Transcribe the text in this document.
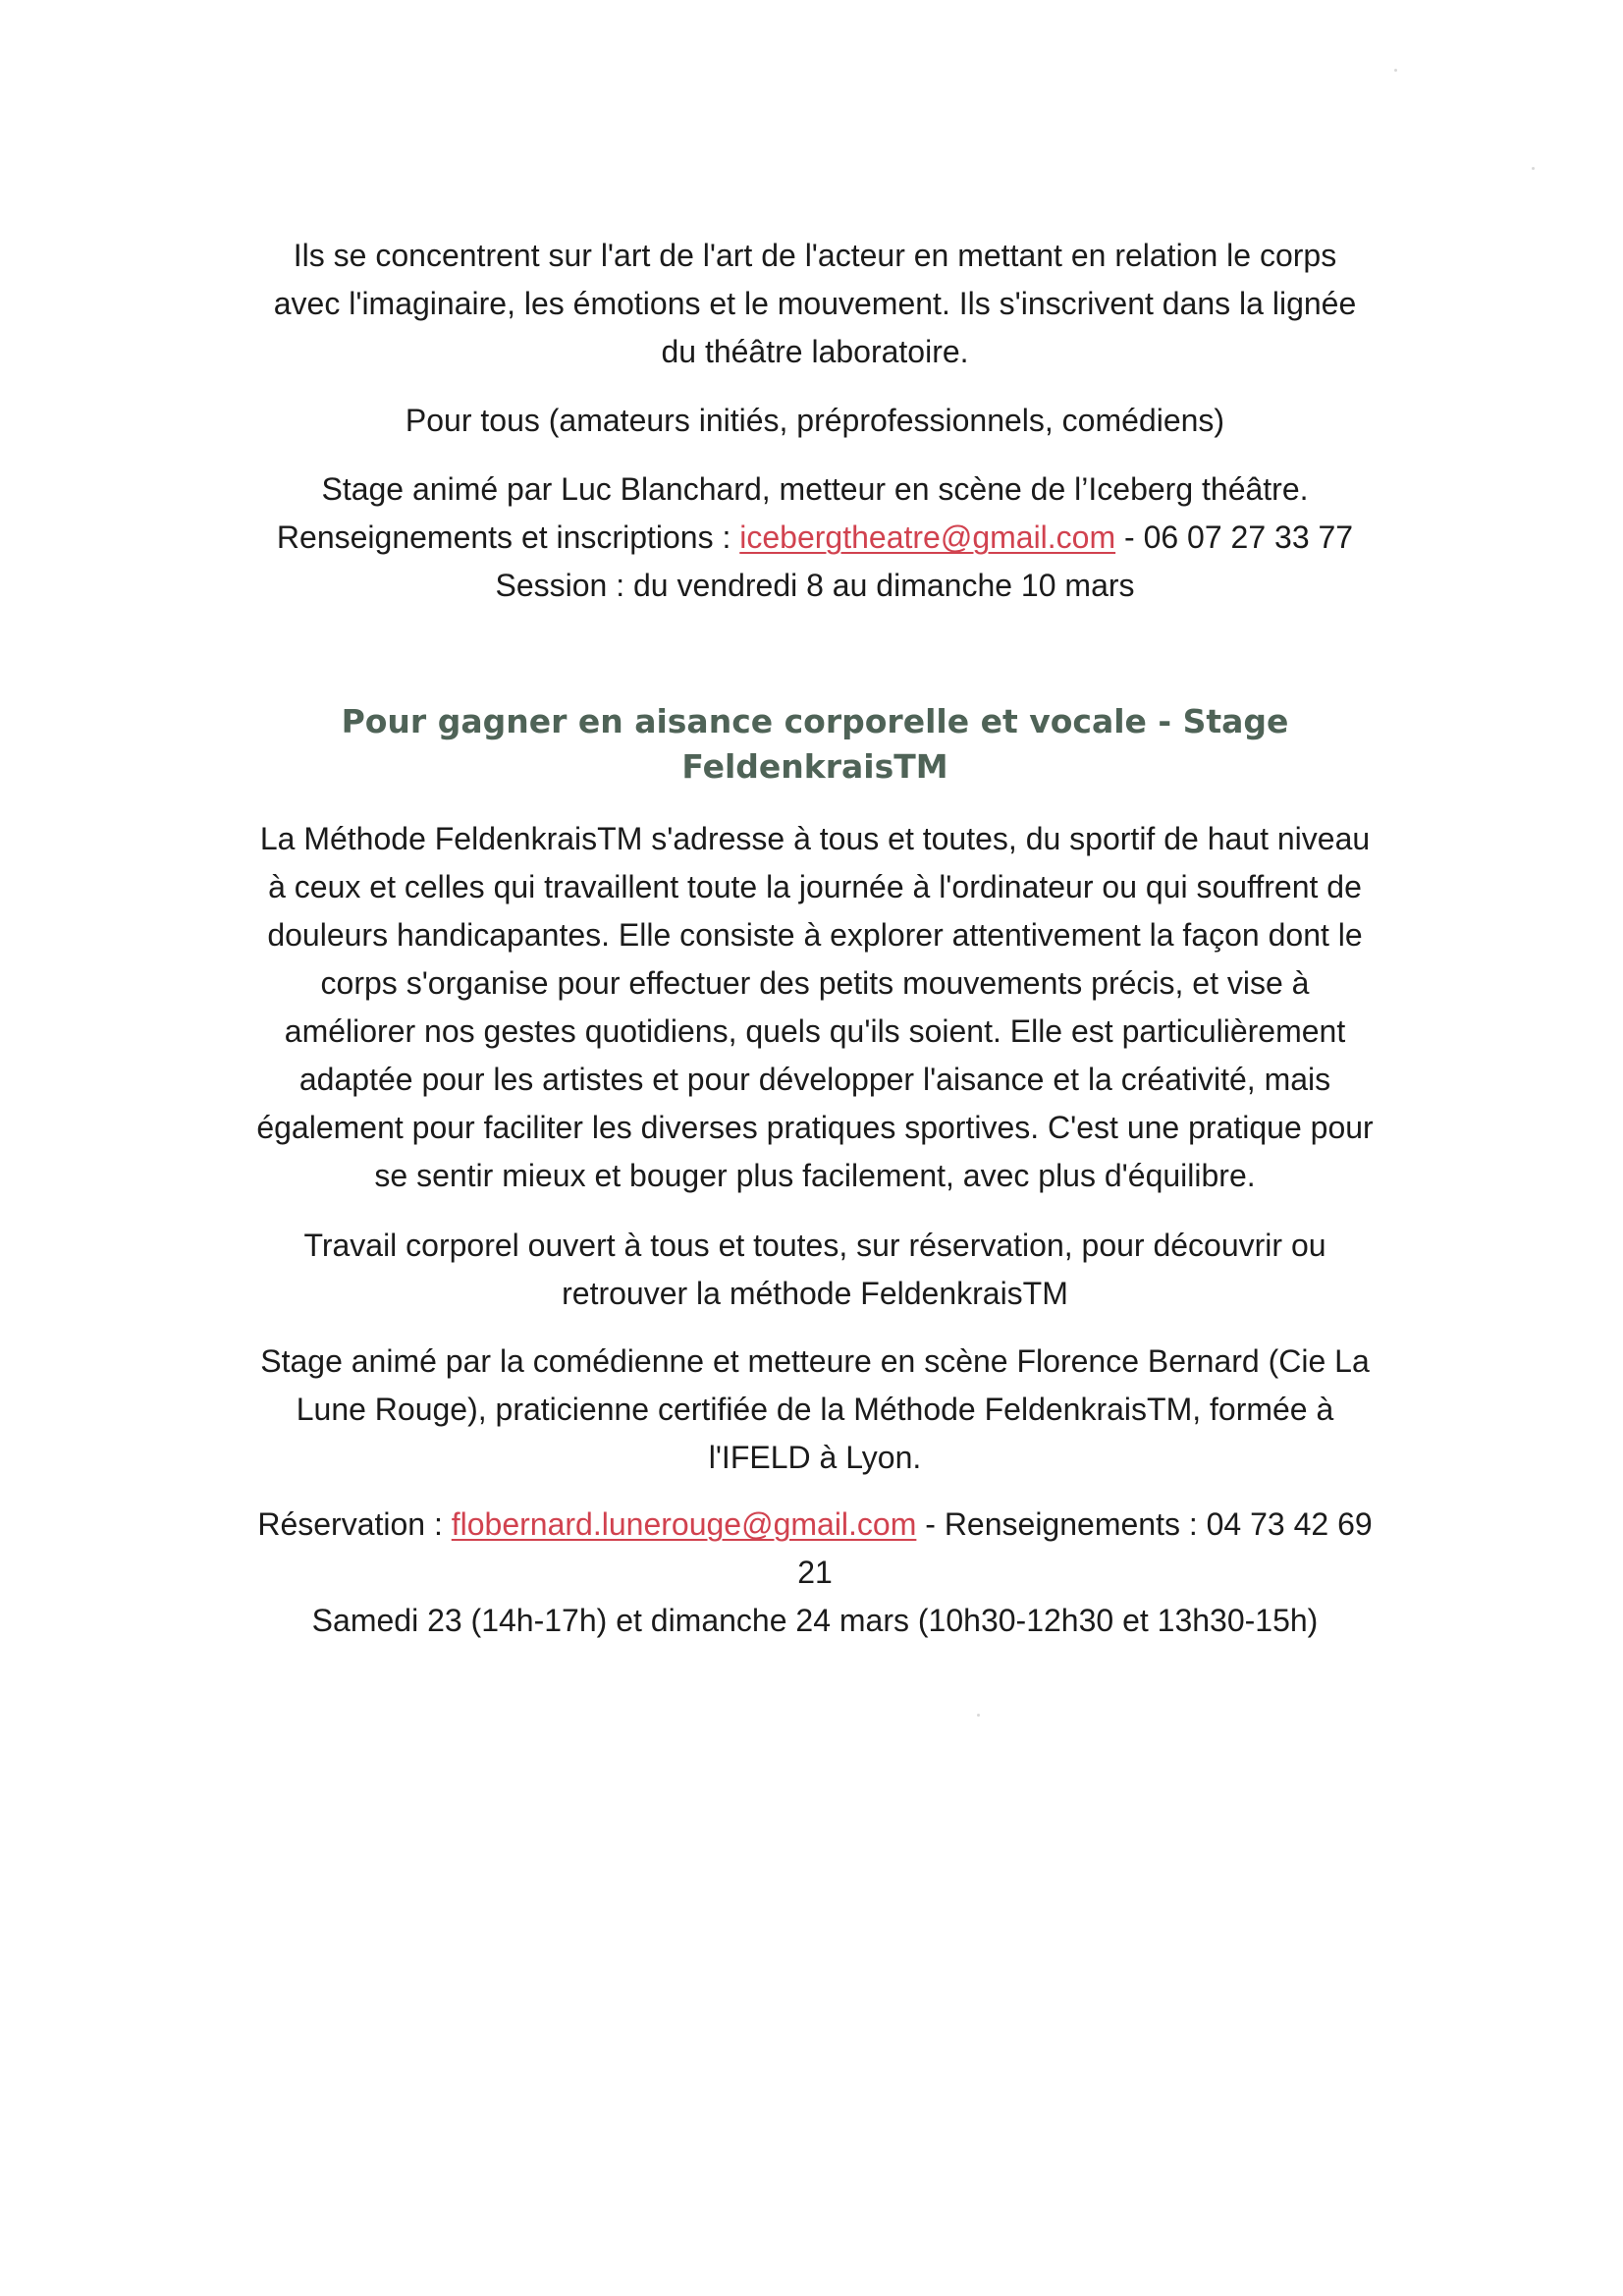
Ils se concentrent sur l'art de l'art de l'acteur en mettant en relation le corps

avec l'imaginaire, les émotions et le mouvement. Ils s'inscrivent dans la lignée

du théâtre laboratoire.

Pour tous (amateurs initiés, préprofessionnels, comédiens)

Stage animé par Luc Blanchard, metteur en scène de l’Iceberg théâtre.

Renseignements et inscriptions : icebergtheatre@gmail.com - 06 07 27 33 77

Session : du vendredi 8 au dimanche 10 mars

Pour gagner en aisance corporelle et vocale - Stage
FeldenkraisTM

La Méthode FeldenkraisTM s'adresse à tous et toutes, du sportif de haut niveau

à ceux et celles qui travaillent toute la journée à l'ordinateur ou qui souffrent de

douleurs handicapantes. Elle consiste à explorer attentivement la façon dont le

corps s'organise pour effectuer des petits mouvements précis, et vise à

améliorer nos gestes quotidiens, quels qu'ils soient. Elle est particulièrement

adaptée pour les artistes et pour développer l'aisance et la créativité, mais

également pour faciliter les diverses pratiques sportives. C'est une pratique pour

se sentir mieux et bouger plus facilement, avec plus d'équilibre.

Travail corporel ouvert à tous et toutes, sur réservation, pour découvrir ou

retrouver la méthode FeldenkraisTM

Stage animé par la comédienne et metteure en scène Florence Bernard (Cie La

Lune Rouge), praticienne certifiée de la Méthode FeldenkraisTM, formée à

l'IFELD à Lyon.

Réservation : flobernard.lunerouge@gmail.com - Renseignements : 04 73 42 69

21

Samedi 23 (14h-17h) et dimanche 24 mars (10h30-12h30 et 13h30-15h)
